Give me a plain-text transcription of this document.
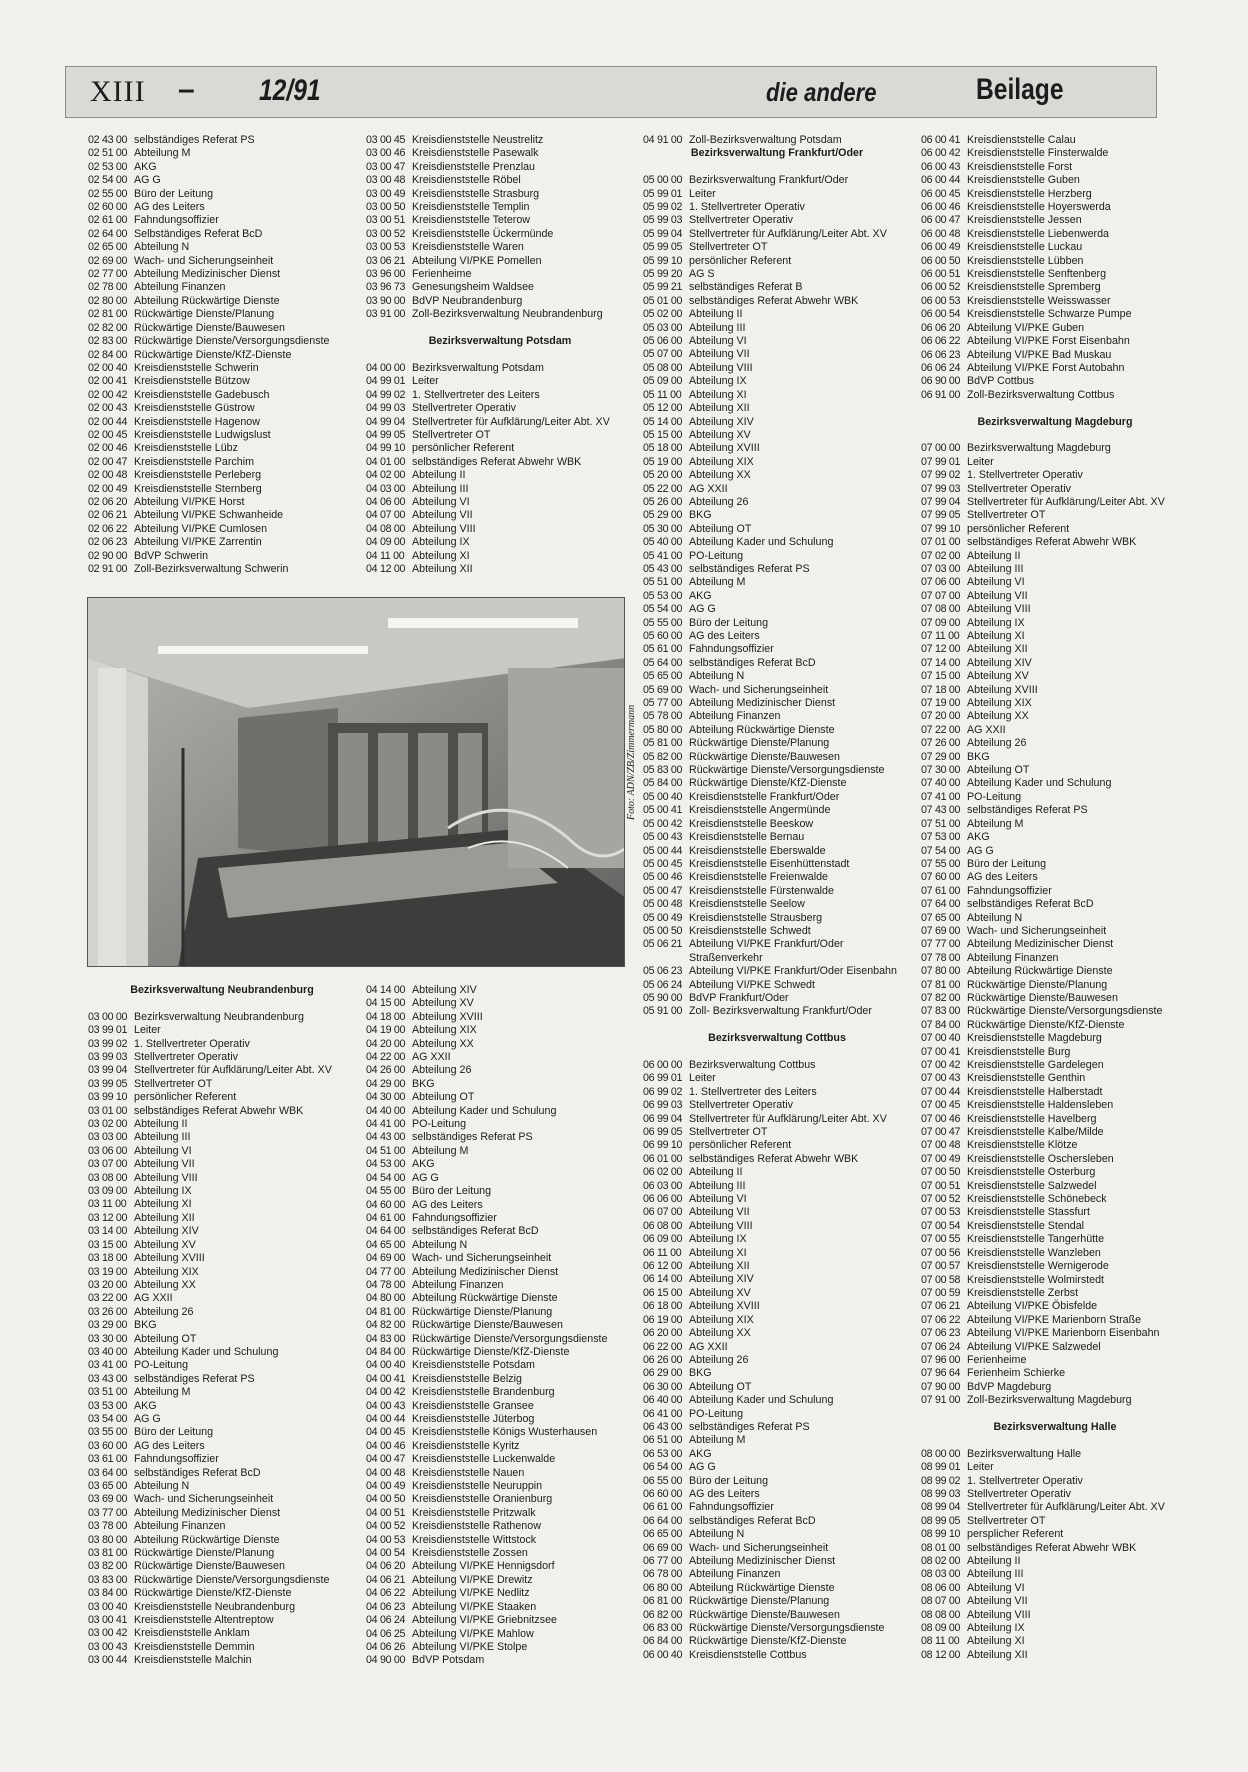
XIII – 12/91	die andere	Beilage
02 43 00 selbständiges Referat PS
02 51 00 Abteilung M
02 53 00 AKG
02 54 00 AG G
02 55 00 Büro der Leitung
02 60 00 AG des Leiters
02 61 00 Fahndungsoffizier
02 64 00 Selbständiges Referat BcD
02 65 00 Abteilung N
02 69 00 Wach- und Sicherungseinheit
02 77 00 Abteilung Medizinischer Dienst
02 78 00 Abteilung Finanzen
02 80 00 Abteilung Rückwärtige Dienste
02 81 00 Rückwärtige Dienste/Planung
02 82 00 Rückwärtige Dienste/Bauwesen
02 83 00 Rückwärtige Dienste/Versorgungsdienste
02 84 00 Rückwärtige Dienste/KfZ-Dienste
02 00 40 Kreisdienststelle Schwerin
02 00 41 Kreisdienststelle Bützow
02 00 42 Kreisdienststelle Gadebusch
02 00 43 Kreisdienststelle Güstrow
02 00 44 Kreisdienststelle Hagenow
02 00 45 Kreisdienststelle Ludwigslust
02 00 46 Kreisdienststelle Lübz
02 00 47 Kreisdienststelle Parchim
02 00 48 Kreisdienststelle Perleberg
02 00 49 Kreisdienststelle Sternberg
02 06 20 Abteilung VI/PKE Horst
02 06 21 Abteilung VI/PKE Schwanheide
02 06 22 Abteilung VI/PKE Cumlosen
02 06 23 Abteilung VI/PKE Zarrentin
02 90 00 BdVP Schwerin
02 91 00 Zoll-Bezirksverwaltung Schwerin
03 00 45 Kreisdienststelle Neustrelitz
03 00 46 Kreisdienststelle Pasewalk
03 00 47 Kreisdienststelle Prenzlau
03 00 48 Kreisdienststelle Röbel
03 00 49 Kreisdienststelle Strasburg
03 00 50 Kreisdienststelle Templin
03 00 51 Kreisdienststelle Teterow
03 00 52 Kreisdienststelle Ückermünde
03 00 53 Kreisdienststelle Waren
03 06 21 Abteilung VI/PKE Pomellen
03 96 00 Ferienheime
03 96 73 Genesungsheim Waldsee
03 90 00 BdVP Neubrandenburg
03 91 00 Zoll-Bezirksverwaltung Neubrandenburg
Bezirksverwaltung Potsdam
04 00 00 Bezirksverwaltung Potsdam
04 99 01 Leiter
04 99 02 1. Stellvertreter des Leiters
04 99 03 Stellvertreter Operativ
04 99 04 Stellvertreter für Aufklärung/Leiter Abt. XV
04 99 05 Stellvertreter OT
04 99 10 persönlicher Referent
04 01 00 selbständiges Referat Abwehr WBK
04 02 00 Abteilung II
04 03 00 Abteilung III
04 06 00 Abteilung VI
04 07 00 Abteilung VII
04 08 00 Abteilung VIII
04 09 00 Abteilung IX
04 11 00 Abteilung XI
04 12 00 Abteilung XII
04 91 00 Zoll-Bezirksverwaltung Potsdam
Bezirksverwaltung Frankfurt/Oder
05 00 00 Bezirksverwaltung Frankfurt/Oder
05 99 01 Leiter
05 99 02 1. Stellvertreter Operativ
05 99 03 Stellvertreter Operativ
05 99 04 Stellvertreter für Aufklärung/Leiter Abt. XV
05 99 05 Stellvertreter OT
05 99 10 persönlicher Referent
05 99 20 AG S
05 99 21 selbständiges Referat B
05 01 00 selbständiges Referat Abwehr WBK
05 02 00 Abteilung II
05 03 00 Abteilung III
05 06 00 Abteilung VI
05 07 00 Abteilung VII
05 08 00 Abteilung VIII
05 09 00 Abteilung IX
05 11 00 Abteilung XI
05 12 00 Abteilung XII
05 14 00 Abteilung XIV
05 15 00 Abteilung XV
05 18 00 Abteilung XVIII
05 19 00 Abteilung XIX
05 20 00 Abteilung XX
05 22 00 AG XXII
05 26 00 Abteilung 26
05 29 00 BKG
05 30 00 Abteilung OT
05 40 00 Abteilung Kader und Schulung
05 41 00 PO-Leitung
05 43 00 selbständiges Referat PS
05 51 00 Abteilung M
05 53 00 AKG
05 54 00 AG G
05 55 00 Büro der Leitung
05 60 00 AG des Leiters
05 61 00 Fahndungsoffizier
05 64 00 selbständiges Referat BcD
05 65 00 Abteilung N
05 69 00 Wach- und Sicherungseinheit
05 77 00 Abteilung Medizinischer Dienst
05 78 00 Abteilung Finanzen
05 80 00 Abteilung Rückwärtige Dienste
05 81 00 Rückwärtige Dienste/Planung
05 82 00 Rückwärtige Dienste/Bauwesen
05 83 00 Rückwärtige Dienste/Versorgungsdienste
05 84 00 Rückwärtige Dienste/KfZ-Dienste
05 00 40 Kreisdienststelle Frankfurt/Oder
05 00 41 Kreisdienststelle Angermünde
05 00 42 Kreisdienststelle Beeskow
05 00 43 Kreisdienststelle Bernau
05 00 44 Kreisdienststelle Eberswalde
05 00 45 Kreisdienststelle Eisenhüttenstadt
05 00 46 Kreisdienststelle Freienwalde
05 00 47 Kreisdienststelle Fürstenwalde
05 00 48 Kreisdienststelle Seelow
05 00 49 Kreisdienststelle Strausberg
05 00 50 Kreisdienststelle Schwedt
05 06 21 Abteilung VI/PKE Frankfurt/Oder
Straßenverkehr
05 06 23 Abteilung VI/PKE Frankfurt/Oder Eisenbahn
05 06 24 Abteilung VI/PKE Schwedt
05 90 00 BdVP Frankfurt/Oder
05 91 00 Zoll- Bezirksverwaltung Frankfurt/Oder
Bezirksverwaltung Cottbus
06 00 00 Bezirksverwaltung Cottbus
06 99 01 Leiter
06 99 02 1. Stellvertreter des Leiters
06 99 03 Stellvertreter Operativ
06 99 04 Stellvertreter für Aufklärung/Leiter Abt. XV
06 99 05 Stellvertreter OT
06 99 10 persönlicher Referent
06 01 00 selbständiges Referat Abwehr WBK
06 02 00 Abteilung II
06 03 00 Abteilung III
06 06 00 Abteilung VI
06 07 00 Abteilung VII
06 08 00 Abteilung VIII
06 09 00 Abteilung IX
06 11 00 Abteilung XI
06 12 00 Abteilung XII
06 14 00 Abteilung XIV
06 15 00 Abteilung XV
06 18 00 Abteilung XVIII
06 19 00 Abteilung XIX
06 20 00 Abteilung XX
06 22 00 AG XXII
06 26 00 Abteilung 26
06 29 00 BKG
06 30 00 Abteilung OT
06 40 00 Abteilung Kader und Schulung
06 41 00 PO-Leitung
06 43 00 selbständiges Referat PS
06 51 00 Abteilung M
06 53 00 AKG
06 54 00 AG G
06 55 00 Büro der Leitung
06 60 00 AG des Leiters
06 61 00 Fahndungsoffizier
06 64 00 selbständiges Referat BcD
06 65 00 Abteilung N
06 69 00 Wach- und Sicherungseinheit
06 77 00 Abteilung Medizinischer Dienst
06 78 00 Abteilung Finanzen
06 80 00 Abteilung Rückwärtige Dienste
06 81 00 Rückwärtige Dienste/Planung
06 82 00 Rückwärtige Dienste/Bauwesen
06 83 00 Rückwärtige Dienste/Versorgungsdienste
06 84 00 Rückwärtige Dienste/KfZ-Dienste
06 00 40 Kreisdienststelle Cottbus
06 00 41 Kreisdienststelle Calau
06 00 42 Kreisdienststelle Finsterwalde
06 00 43 Kreisdienststelle Forst
06 00 44 Kreisdienststelle Guben
06 00 45 Kreisdienststelle Herzberg
06 00 46 Kreisdienststelle Hoyerswerda
06 00 47 Kreisdienststelle Jessen
06 00 48 Kreisdienststelle Liebenwerda
06 00 49 Kreisdienststelle Luckau
06 00 50 Kreisdienststelle Lübben
06 00 51 Kreisdienststelle Senftenberg
06 00 52 Kreisdienststelle Spremberg
06 00 53 Kreisdienststelle Weisswasser
06 00 54 Kreisdienststelle Schwarze Pumpe
06 06 20 Abteilung VI/PKE Guben
06 06 22 Abteilung VI/PKE Forst Eisenbahn
06 06 23 Abteilung VI/PKE Bad Muskau
06 06 24 Abteilung VI/PKE Forst Autobahn
06 90 00 BdVP Cottbus
06 91 00 Zoll-Bezirksverwaltung Cottbus
Bezirksverwaltung Magdeburg
07 00 00 Bezirksverwaltung Magdeburg
07 99 01 Leiter
07 99 02 1. Stellvertreter Operativ
07 99 03 Stellvertreter Operativ
07 99 04 Stellvertreter für Aufklärung/Leiter Abt. XV
07 99 05 Stellvertreter OT
07 99 10 persönlicher Referent
07 01 00 selbständiges Referat Abwehr WBK
07 02 00 Abteilung II
07 03 00 Abteilung III
07 06 00 Abteilung VI
07 07 00 Abteilung VII
07 08 00 Abteilung VIII
07 09 00 Abteilung IX
07 11 00 Abteilung XI
07 12 00 Abteilung XII
07 14 00 Abteilung XIV
07 15 00 Abteilung XV
07 18 00 Abteilung XVIII
07 19 00 Abteilung XIX
07 20 00 Abteilung XX
07 22 00 AG XXII
07 26 00 Abteilung 26
07 29 00 BKG
07 30 00 Abteilung OT
07 40 00 Abteilung Kader und Schulung
07 41 00 PO-Leitung
07 43 00 selbständiges Referat PS
07 51 00 Abteilung M
07 53 00 AKG
07 54 00 AG G
07 55 00 Büro der Leitung
07 60 00 AG des Leiters
07 61 00 Fahndungsoffizier
07 64 00 selbständiges Referat BcD
07 65 00 Abteilung N
07 69 00 Wach- und Sicherungseinheit
07 77 00 Abteilung Medizinischer Dienst
07 78 00 Abteilung Finanzen
07 80 00 Abteilung Rückwärtige Dienste
07 81 00 Rückwärtige Dienste/Planung
07 82 00 Rückwärtige Dienste/Bauwesen
07 83 00 Rückwärtige Dienste/Versorgungsdienste
07 84 00 Rückwärtige Dienste/KfZ-Dienste
07 00 40 Kreisdienststelle Magdeburg
07 00 41 Kreisdienststelle Burg
07 00 42 Kreisdienststelle Gardelegen
07 00 43 Kreisdienststelle Genthin
07 00 44 Kreisdienststelle Halberstadt
07 00 45 Kreisdienststelle Haldensleben
07 00 46 Kreisdienststelle Havelberg
07 00 47 Kreisdienststelle Kalbe/Milde
07 00 48 Kreisdienststelle Klötze
07 00 49 Kreisdienststelle Oschersleben
07 00 50 Kreisdienststelle Osterburg
07 00 51 Kreisdienststelle Salzwedel
07 00 52 Kreisdienststelle Schönebeck
07 00 53 Kreisdienststelle Stassfurt
07 00 54 Kreisdienststelle Stendal
07 00 55 Kreisdienststelle Tangerhütte
07 00 56 Kreisdienststelle Wanzleben
07 00 57 Kreisdienststelle Wernigerode
07 00 58 Kreisdienststelle Wolmirstedt
07 00 59 Kreisdienststelle Zerbst
07 06 21 Abteilung VI/PKE Öbisfelde
07 06 22 Abteilung VI/PKE Marienborn Straße
07 06 23 Abteilung VI/PKE Marienborn Eisenbahn
07 06 24 Abteilung VI/PKE Salzwedel
07 96 00 Ferienheime
07 96 64 Ferienheim Schierke
07 90 00 BdVP Magdeburg
07 91 00 Zoll-Bezirksverwaltung Magdeburg
Bezirksverwaltung Halle
08 00 00 Bezirksverwaltung Halle
08 99 01 Leiter
08 99 02 1. Stellvertreter Operativ
08 99 03 Stellvertreter Operativ
08 99 04 Stellvertreter für Aufklärung/Leiter Abt. XV
08 99 05 Stellvertreter OT
08 99 10 persplicher Referent
08 01 00 selbständiges Referat Abwehr WBK
08 02 00 Abteilung II
08 03 00 Abteilung III
08 06 00 Abteilung VI
08 07 00 Abteilung VII
08 08 00 Abteilung VIII
08 09 00 Abteilung IX
08 11 00 Abteilung XI
08 12 00 Abteilung XII
Bezirksverwaltung Neubrandenburg
03 00 00 Bezirksverwaltung Neubrandenburg
03 99 01 Leiter
03 99 02 1. Stellvertreter Operativ
03 99 03 Stellvertreter Operativ
03 99 04 Stellvertreter für Aufklärung/Leiter Abt. XV
03 99 05 Stellvertreter OT
03 99 10 persönlicher Referent
03 01 00 selbständiges Referat Abwehr WBK
03 02 00 Abteilung II
03 03 00 Abteilung III
03 06 00 Abteilung VI
03 07 00 Abteilung VII
03 08 00 Abteilung VIII
03 09 00 Abteilung IX
03 11 00 Abteilung XI
03 12 00 Abteilung XII
03 14 00 Abteilung XIV
03 15 00 Abteilung XV
03 18 00 Abteilung XVIII
03 19 00 Abteilung XIX
03 20 00 Abteilung XX
03 22 00 AG XXII
03 26 00 Abteilung 26
03 29 00 BKG
03 30 00 Abteilung OT
03 40 00 Abteilung Kader und Schulung
03 41 00 PO-Leitung
03 43 00 selbständiges Referat PS
03 51 00 Abteilung M
03 53 00 AKG
03 54 00 AG G
03 55 00 Büro der Leitung
03 60 00 AG des Leiters
03 61 00 Fahndungsoffizier
03 64 00 selbständiges Referat BcD
03 65 00 Abteilung N
03 69 00 Wach- und Sicherungseinheit
03 77 00 Abteilung Medizinischer Dienst
03 78 00 Abteilung Finanzen
03 80 00 Abteilung Rückwärtige Dienste
03 81 00 Rückwärtige Dienste/Planung
03 82 00 Rückwärtige Dienste/Bauwesen
03 83 00 Rückwärtige Dienste/Versorgungsdienste
03 84 00 Rückwärtige Dienste/KfZ-Dienste
03 00 40 Kreisdienststelle Neubrandenburg
03 00 41 Kreisdienststelle Altentreptow
03 00 42 Kreisdienststelle Anklam
03 00 43 Kreisdienststelle Demmin
03 00 44 Kreisdienststelle Malchin
04 14 00 Abteilung XIV
04 15 00 Abteilung XV
04 18 00 Abteilung XVIII
04 19 00 Abteilung XIX
04 20 00 Abteilung XX
04 22 00 AG XXII
04 26 00 Abteilung 26
04 29 00 BKG
04 30 00 Abteilung OT
04 40 00 Abteilung Kader und Schulung
04 41 00 PO-Leitung
04 43 00 selbständiges Referat PS
04 51 00 Abteilung M
04 53 00 AKG
04 54 00 AG G
04 55 00 Büro der Leitung
04 60 00 AG des Leiters
04 61 00 Fahndungsoffizier
04 64 00 selbständiges Referat BcD
04 65 00 Abteilung N
04 69 00 Wach- und Sicherungseinheit
04 77 00 Abteilung Medizinischer Dienst
04 78 00 Abteilung Finanzen
04 80 00 Abteilung Rückwärtige Dienste
04 81 00 Rückwärtige Dienste/Planung
04 82 00 Rückwärtige Dienste/Bauwesen
04 83 00 Rückwärtige Dienste/Versorgungsdienste
04 84 00 Rückwärtige Dienste/KfZ-Dienste
04 00 40 Kreisdienststelle Potsdam
04 00 41 Kreisdienststelle Belzig
04 00 42 Kreisdienststelle Brandenburg
04 00 43 Kreisdienststelle Gransee
04 00 44 Kreisdienststelle Jüterbog
04 00 45 Kreisdienststelle Königs Wusterhausen
04 00 46 Kreisdienststelle Kyritz
04 00 47 Kreisdienststelle Luckenwalde
04 00 48 Kreisdienststelle Nauen
04 00 49 Kreisdienststelle Neuruppin
04 00 50 Kreisdienststelle Oranienburg
04 00 51 Kreisdienststelle Pritzwalk
04 00 52 Kreisdienststelle Rathenow
04 00 53 Kreisdienststelle Wittstock
04 00 54 Kreisdienststelle Zossen
04 06 20 Abteilung VI/PKE Hennigsdorf
04 06 21 Abteilung VI/PKE Drewitz
04 06 22 Abteilung VI/PKE Nedlitz
04 06 23 Abteilung VI/PKE Staaken
04 06 24 Abteilung VI/PKE Griebnitzsee
04 06 25 Abteilung VI/PKE Mahlow
04 06 26 Abteilung VI/PKE Stolpe
04 90 00 BdVP Potsdam
Foto: ADN/ZB/Zimmermann
